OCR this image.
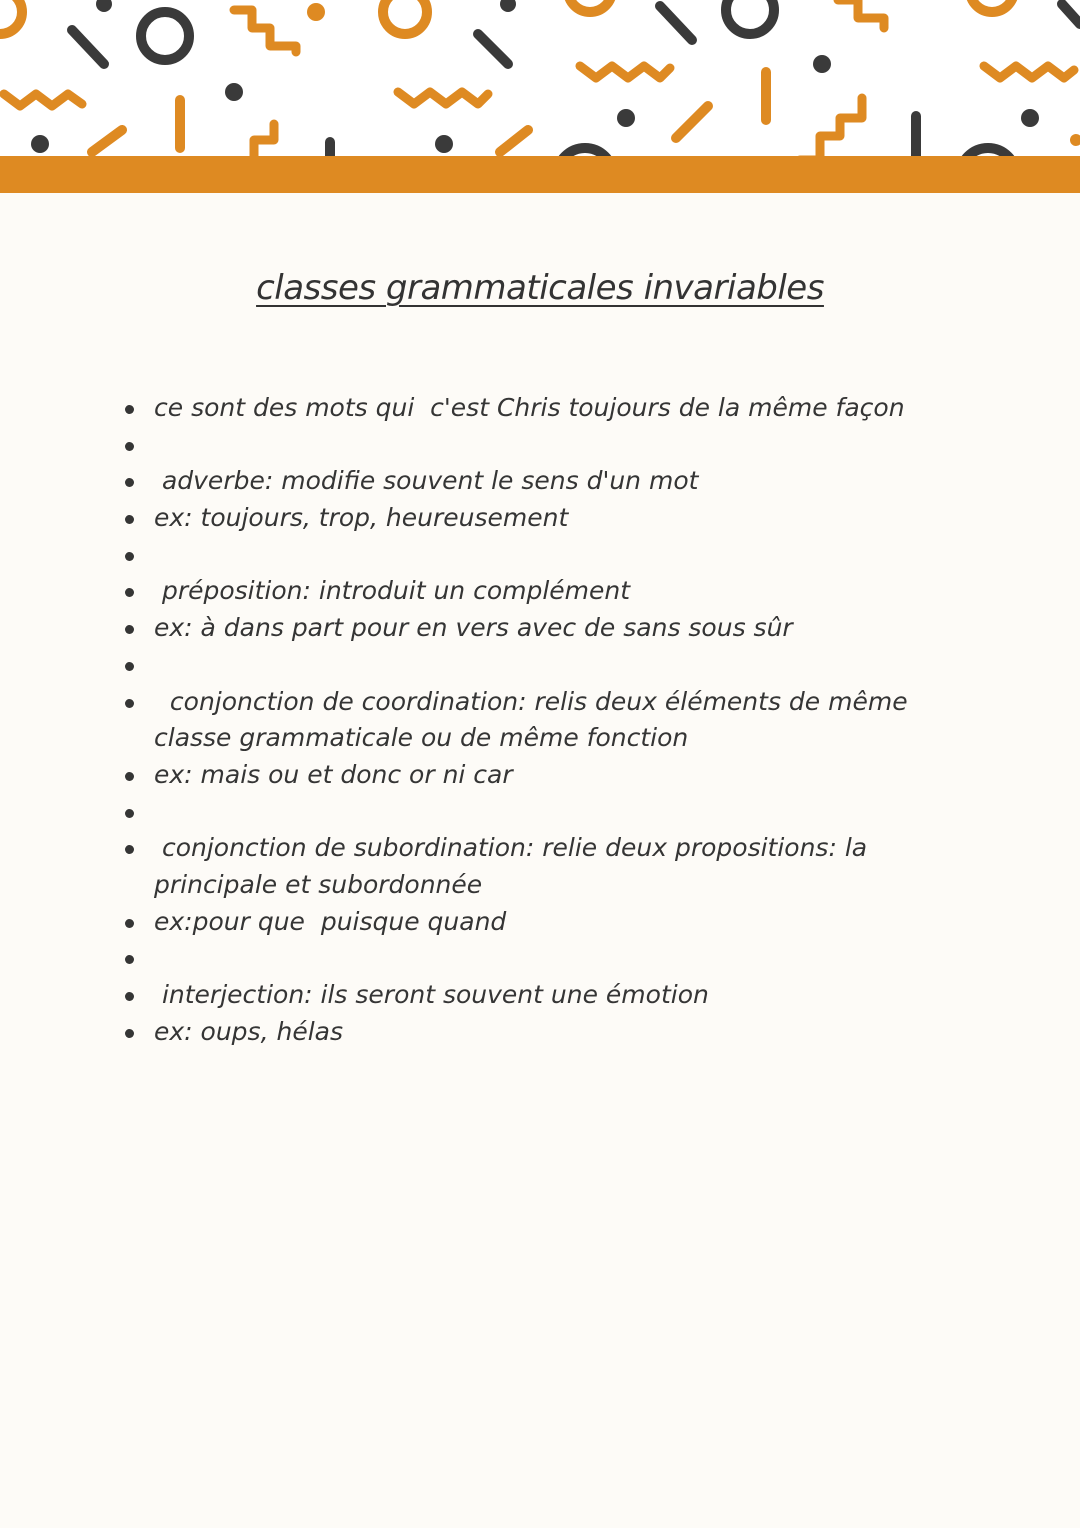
classes grammaticales invariables
ce sont des mots qui  c'est Chris toujours de la même façon
adverbe: modifie souvent le sens d'un mot
ex: toujours, trop, heureusement
préposition: introduit un complément
ex: à dans part pour en vers avec de sans sous sûr
conjonction de coordination: relis deux éléments de même classe grammaticale ou de même fonction
ex: mais ou et donc or ni car
conjonction de subordination: relie deux propositions: la principale et subordonnée
ex:pour que  puisque quand
interjection: ils seront souvent une émotion
ex: oups, hélas
